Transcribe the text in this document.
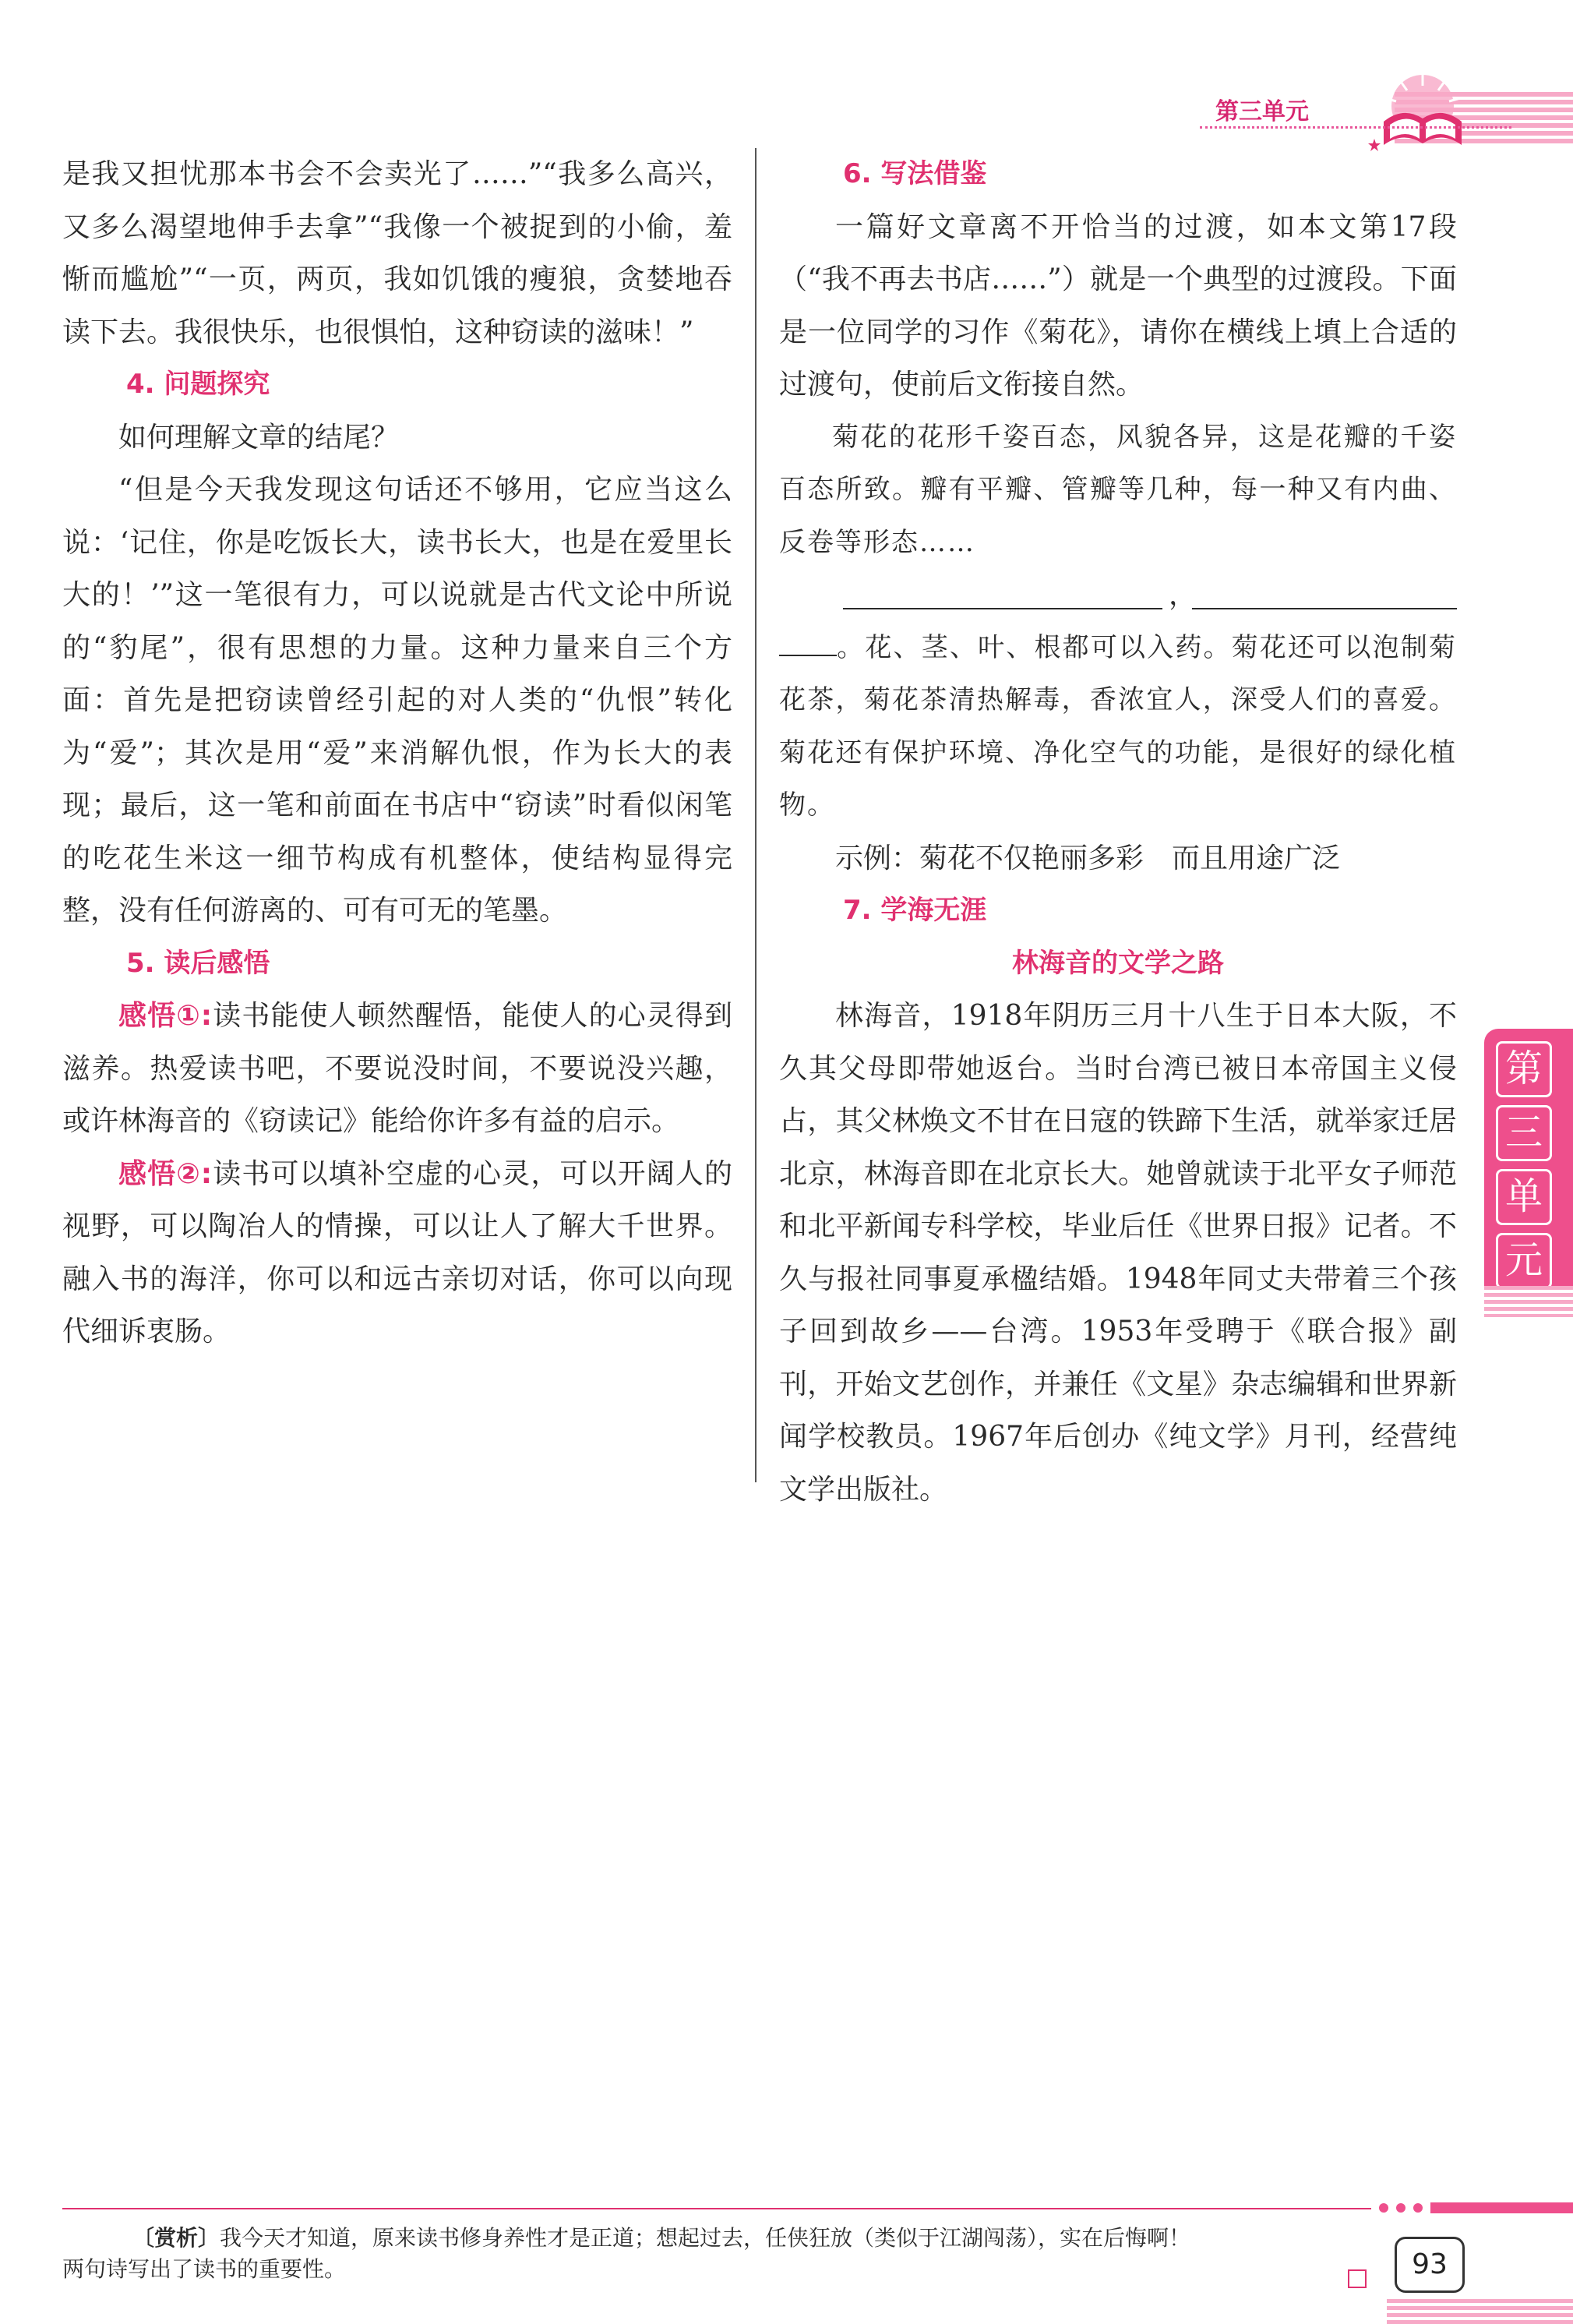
第三单元

是我又担忧那本书会不会卖光了……”“我多么高兴，又多么渴望地伸手去拿”“我像一个被捉到的小偷，羞惭而尴尬”“一页，两页，我如饥饿的瘦狼，贪婪地吞读下去。我很快乐，也很惧怕，这种窃读的滋味！”

4. 问题探究

如何理解文章的结尾？

“但是今天我发现这句话还不够用，它应当这么说：‘记住，你是吃饭长大，读书长大，也是在爱里长大的！’”这一笔很有力，可以说就是古代文论中所说的“豹尾”，很有思想的力量。这种力量来自三个方面：首先是把窃读曾经引起的对人类的“仇恨”转化为“爱”；其次是用“爱”来消解仇恨，作为长大的表现；最后，这一笔和前面在书店中“窃读”时看似闲笔的吃花生米这一细节构成有机整体，使结构显得完整，没有任何游离的、可有可无的笔墨。

5. 读后感悟

感悟①:读书能使人顿然醒悟，能使人的心灵得到滋养。热爱读书吧，不要说没时间，不要说没兴趣，或许林海音的《窃读记》能给你许多有益的启示。

感悟②:读书可以填补空虚的心灵，可以开阔人的视野，可以陶冶人的情操，可以让人了解大千世界。融入书的海洋，你可以和远古亲切对话，你可以向现代细诉衷肠。

6. 写法借鉴

一篇好文章离不开恰当的过渡，如本文第17段（“我不再去书店……”）就是一个典型的过渡段。下面是一位同学的习作《菊花》，请你在横线上填上合适的过渡句，使前后文衔接自然。

菊花的花形千姿百态，风貌各异，这是花瓣的千姿百态所致。瓣有平瓣、管瓣等几种，每一种又有内曲、反卷等形态……

，

。花、茎、叶、根都可以入药。菊花还可以泡制菊花茶，菊花茶清热解毒，香浓宜人，深受人们的喜爱。菊花还有保护环境、净化空气的功能，是很好的绿化植物。

示例：菊花不仅艳丽多彩　而且用途广泛

7. 学海无涯
林海音的文学之路

林海音，1918年阴历三月十八生于日本大阪，不久其父母即带她返台。当时台湾已被日本帝国主义侵占，其父林焕文不甘在日寇的铁蹄下生活，就举家迁居北京，林海音即在北京长大。她曾就读于北平女子师范和北平新闻专科学校，毕业后任《世界日报》记者。不久与报社同事夏承楹结婚。1948年同丈夫带着三个孩子回到故乡——台湾。1953年受聘于《联合报》副刊，开始文艺创作，并兼任《文星》杂志编辑和世界新闻学校教员。1967年后创办《纯文学》月刊，经营纯文学出版社。

第
三
单
元
〔赏析〕我今天才知道，原来读书修身养性才是正道；想起过去，任侠狂放（类似于江湖闯荡），实在后悔啊！
两句诗写出了读书的重要性。	93
